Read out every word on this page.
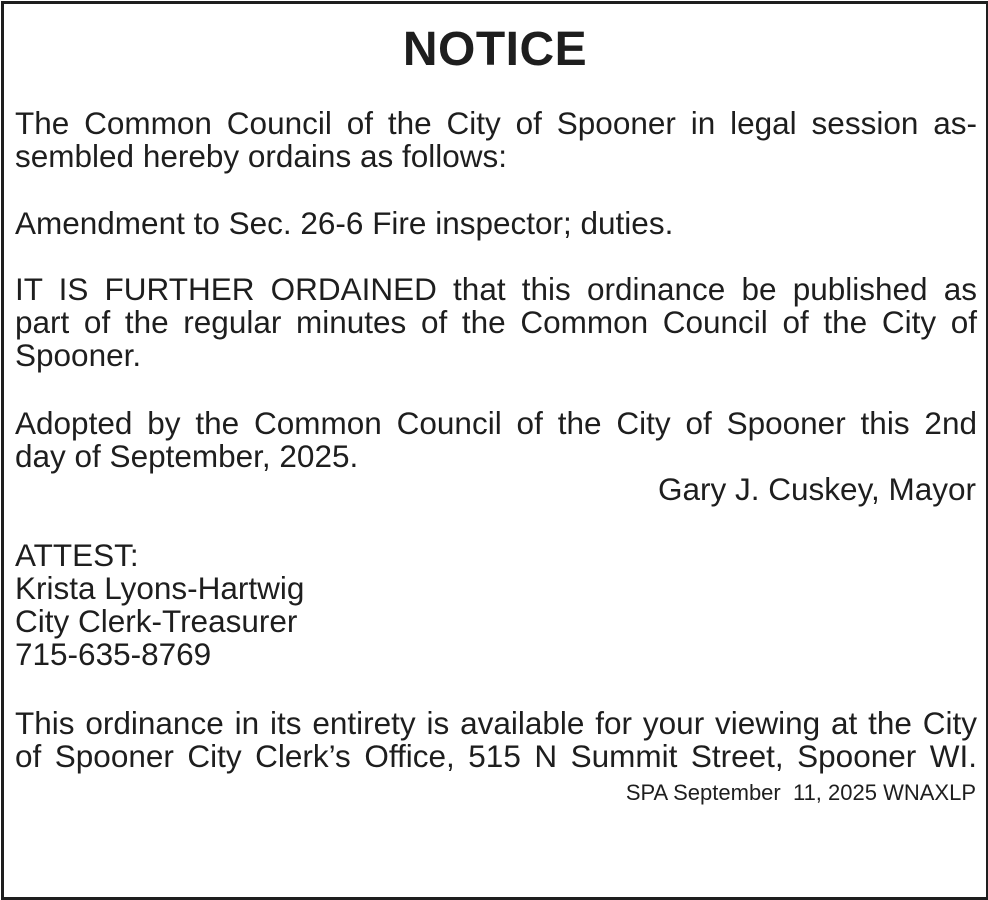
NOTICE
The Common Council of the City of Spooner in legal session as-
sembled hereby ordains as follows:
Amendment to Sec. 26-6 Fire inspector; duties.
IT IS FURTHER ORDAINED that this ordinance be published as
part of the regular minutes of the Common Council of the City of
Spooner.
Adopted by the Common Council of the City of Spooner this 2nd
day of September, 2025.
Gary J. Cuskey, Mayor
ATTEST:
Krista Lyons-Hartwig
City Clerk-Treasurer
715-635-8769
This ordinance in its entirety is available for your viewing at the City
of Spooner City Clerk’s Office, 515 N Summit Street, Spooner WI.
SPA September  11, 2025 WNAXLP
